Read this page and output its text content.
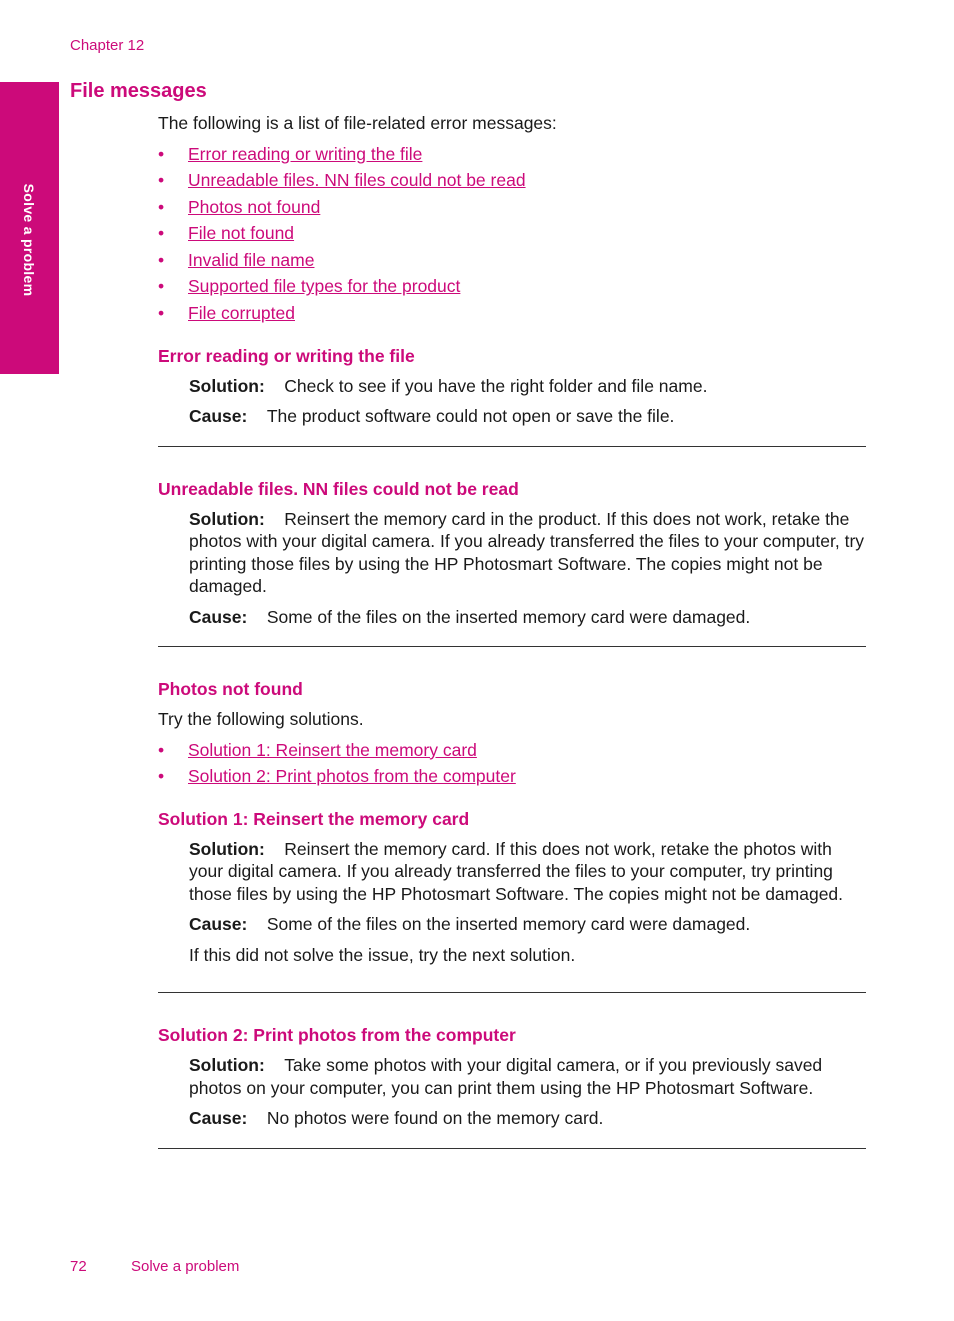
Chapter 12
Solve a problem
File messages

The following is a list of file-related error messages:

• Error reading or writing the file
• Unreadable files. NN files could not be read
• Photos not found
• File not found
• Invalid file name
• Supported file types for the product
• File corrupted
Error reading or writing the file

Solution: Check to see if you have the right folder and file name.

Cause: The product software could not open or save the file.

Unreadable files. NN files could not be read

Solution: Reinsert the memory card in the product. If this does not work, retake the photos with your digital camera. If you already transferred the files to your computer, try printing those files by using the HP Photosmart Software. The copies might not be damaged.

Cause: Some of the files on the inserted memory card were damaged.

Photos not found

Try the following solutions.

• Solution 1: Reinsert the memory card
• Solution 2: Print photos from the computer
Solution 1: Reinsert the memory card

Solution: Reinsert the memory card. If this does not work, retake the photos with your digital camera. If you already transferred the files to your computer, try printing those files by using the HP Photosmart Software. The copies might not be damaged.

Cause: Some of the files on the inserted memory card were damaged.

If this did not solve the issue, try the next solution.

Solution 2: Print photos from the computer

Solution: Take some photos with your digital camera, or if you previously saved photos on your computer, you can print them using the HP Photosmart Software.

Cause: No photos were found on the memory card.

72	Solve a problem
